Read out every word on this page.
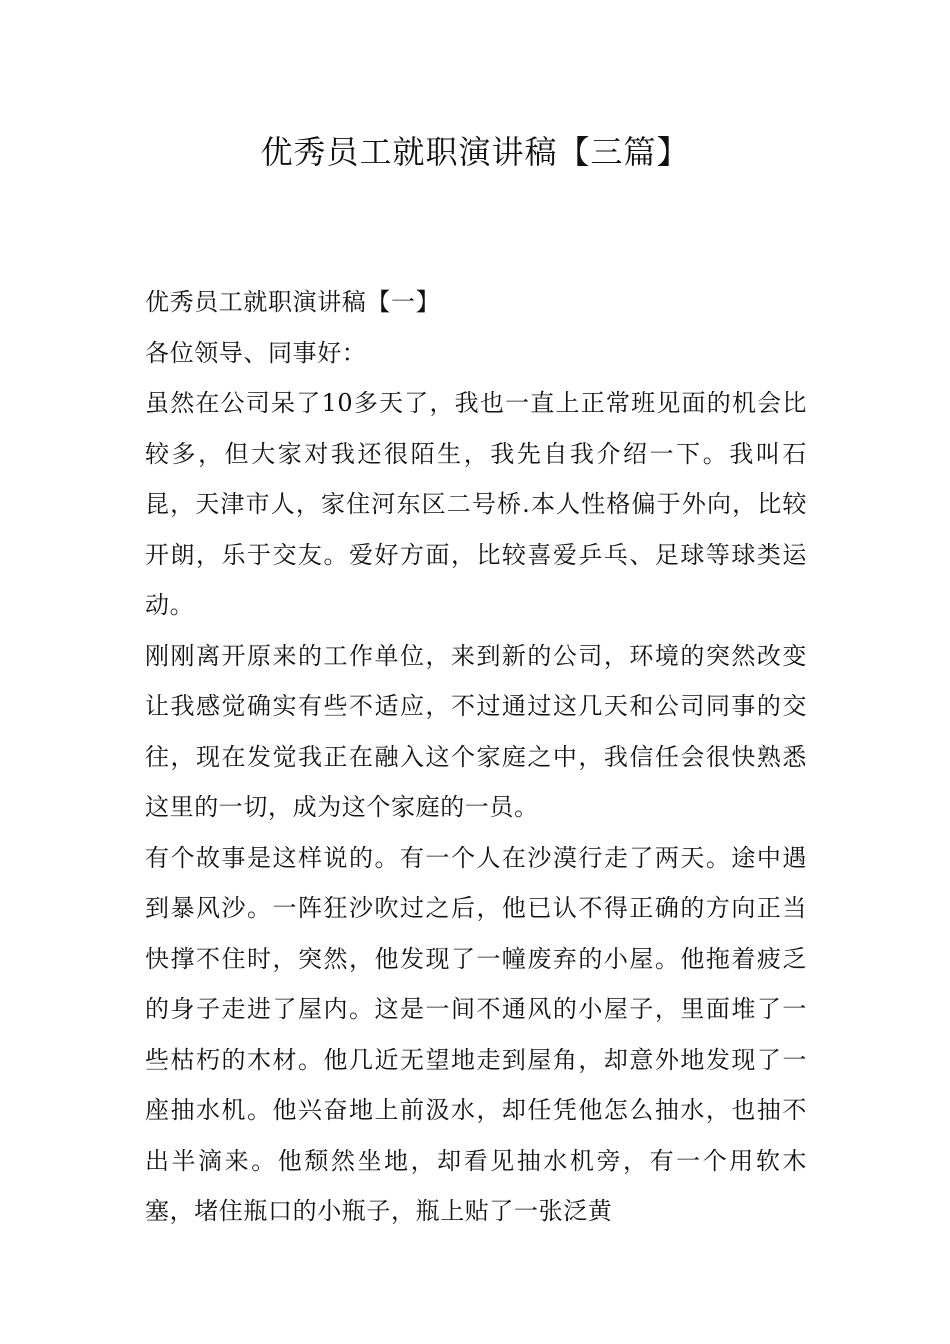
优秀员工就职演讲稿【三篇】

优秀员工就职演讲稿【一】

各位领导、同事好：

虽然在公司呆了10多天了，我也一直上正常班见面的机会比较多，但大家对我还很陌生，我先自我介绍一下。我叫石昆，天津市人，家住河东区二号桥.本人性格偏于外向，比较开朗，乐于交友。爱好方面，比较喜爱乒乓、足球等球类运动。

刚刚离开原来的工作单位，来到新的公司，环境的突然改变让我感觉确实有些不适应，不过通过这几天和公司同事的交往，现在发觉我正在融入这个家庭之中，我信任会很快熟悉这里的一切，成为这个家庭的一员。

有个故事是这样说的。有一个人在沙漠行走了两天。途中遇到暴风沙。一阵狂沙吹过之后，他已认不得正确的方向正当快撑不住时，突然，他发现了一幢废弃的小屋。他拖着疲乏的身子走进了屋内。这是一间不通风的小屋子，里面堆了一些枯朽的木材。他几近无望地走到屋角，却意外地发现了一座抽水机。他兴奋地上前汲水，却任凭他怎么抽水，也抽不出半滴来。他颓然坐地，却看见抽水机旁，有一个用软木塞，堵住瓶口的小瓶子，瓶上贴了一张泛黄
